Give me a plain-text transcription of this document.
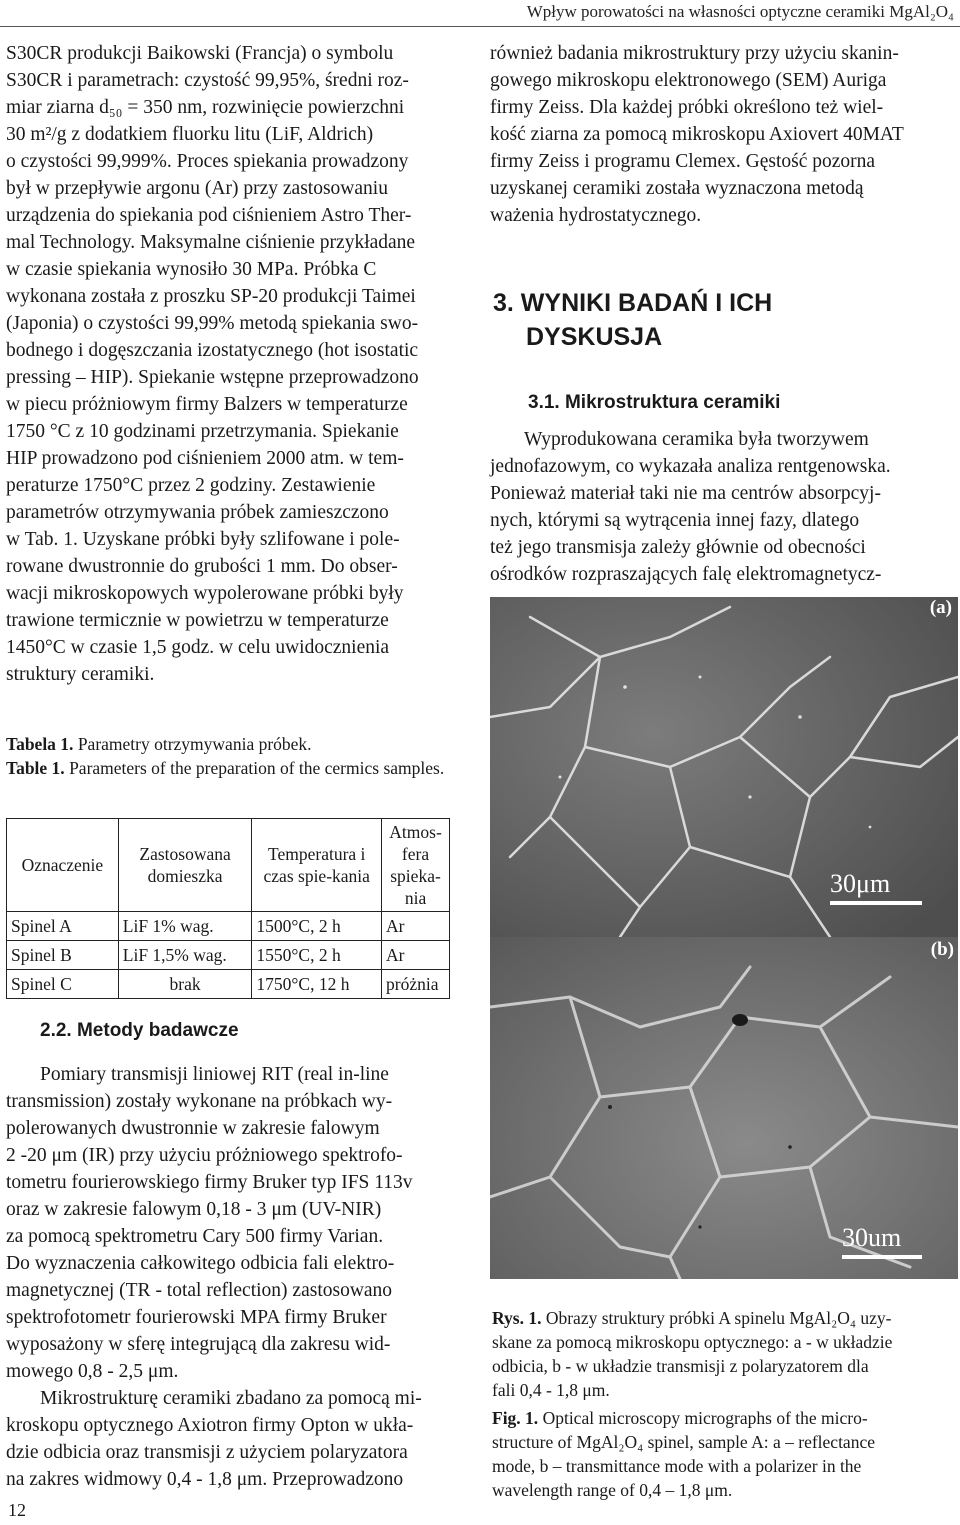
Wpływ porowatości na własności optyczne ceramiki MgAl₂O₄

S30CR produkcji Baikowski (Francja) o symbolu
S30CR i parametrach: czystość 99,95%, średni roz-
miar ziarna d₅₀ = 350 nm, rozwinięcie powierzchni
30 m²/g z dodatkiem fluorku litu (LiF, Aldrich)
o czystości 99,999%. Proces spiekania prowadzony
był w przepływie argonu (Ar) przy zastosowaniu
urządzenia do spiekania pod ciśnieniem Astro Ther-
mal Technology. Maksymalne ciśnienie przykładane
w czasie spiekania wynosiło 30 MPa. Próbka C
wykonana została z proszku SP-20 produkcji Taimei
(Japonia) o czystości 99,99% metodą spiekania swo-
bodnego i dogęszczania izostatycznego (hot isostatic
pressing – HIP). Spiekanie wstępne przeprowadzono
w piecu próżniowym firmy Balzers w temperaturze
1750 °C z 10 godzinami przetrzymania. Spiekanie
HIP prowadzono pod ciśnieniem 2000 atm. w tem-
peraturze 1750°C przez 2 godziny. Zestawienie
parametrów otrzymywania próbek zamieszczono
w Tab. 1. Uzyskane próbki były szlifowane i pole-
rowane dwustronnie do grubości 1 mm. Do obser-
wacji mikroskopowych wypolerowane próbki były
trawione termicznie w powietrzu w temperaturze
1450°C w czasie 1,5 godz. w celu uwidocznienia
struktury ceramiki.

Tabela 1. Parametry otrzymywania próbek.
Table 1. Parameters of the preparation of the cermics samples.
Oznaczenie	Zastosowana domieszka	Temperatura i czas spie-kania	Atmos-fera spieka-nia
Spinel A	LiF 1% wag.	1500°C, 2 h	Ar
Spinel B	LiF 1,5% wag.	1550°C, 2 h	Ar
Spinel C	brak	1750°C, 12 h	próżnia
2.2. Metody badawcze

Pomiary transmisji liniowej RIT (real in-line
transmission) zostały wykonane na próbkach wy-
polerowanych dwustronnie w zakresie falowym
2 -20 μm (IR) przy użyciu próżniowego spektrofo-
tometru fourierowskiego firmy Bruker typ IFS 113v
oraz w zakresie falowym 0,18 - 3 μm (UV-NIR)
za pomocą spektrometru Cary 500 firmy Varian.
Do wyznaczenia całkowitego odbicia fali elektro-
magnetycznej (TR - total reflection) zastosowano
spektrofotometr fourierowski MPA firmy Bruker
wyposażony w sferę integrującą dla zakresu wid-
mowego 0,8 - 2,5 μm.

Mikrostrukturę ceramiki zbadano za pomocą mi-
kroskopu optycznego Axiotron firmy Opton w ukła-
dzie odbicia oraz transmisji z użyciem polaryzatora
na zakres widmowy 0,4 - 1,8 μm. Przeprowadzono

również badania mikrostruktury przy użyciu skanin-
gowego mikroskopu elektronowego (SEM) Auriga
firmy Zeiss. Dla każdej próbki określono też wiel-
kość ziarna za pomocą mikroskopu Axiovert 40MAT
firmy Zeiss i programu Clemex. Gęstość pozorna
uzyskanej ceramiki została wyznaczona metodą
ważenia hydrostatycznego.

3. WYNIKI BADAŃ I ICH
DYSKUSJA
3.1. Mikrostruktura ceramiki

Wyprodukowana ceramika była tworzywem
jednofazowym, co wykazała analiza rentgenowska.
Ponieważ materiał taki nie ma centrów absorpcyj-
nych, którymi są wytrącenia innej fazy, dlatego
też jego transmisja zależy głównie od obecności
ośrodków rozpraszających falę elektromagnetycz-

(a)
30μm
(b)
30um

Rys. 1. Obrazy struktury próbki A spinelu MgAl₂O₄ uzy-
skane za pomocą mikroskopu optycznego: a - w układzie
odbicia, b - w układzie transmisji z polaryzatorem dla
fali 0,4 - 1,8 μm.

Fig. 1. Optical microscopy micrographs of the micro-
structure of MgAl₂O₄ spinel, sample A: a – reflectance
mode, b – transmittance mode with a polarizer in the
wavelength range of 0,4 – 1,8 μm.

12
